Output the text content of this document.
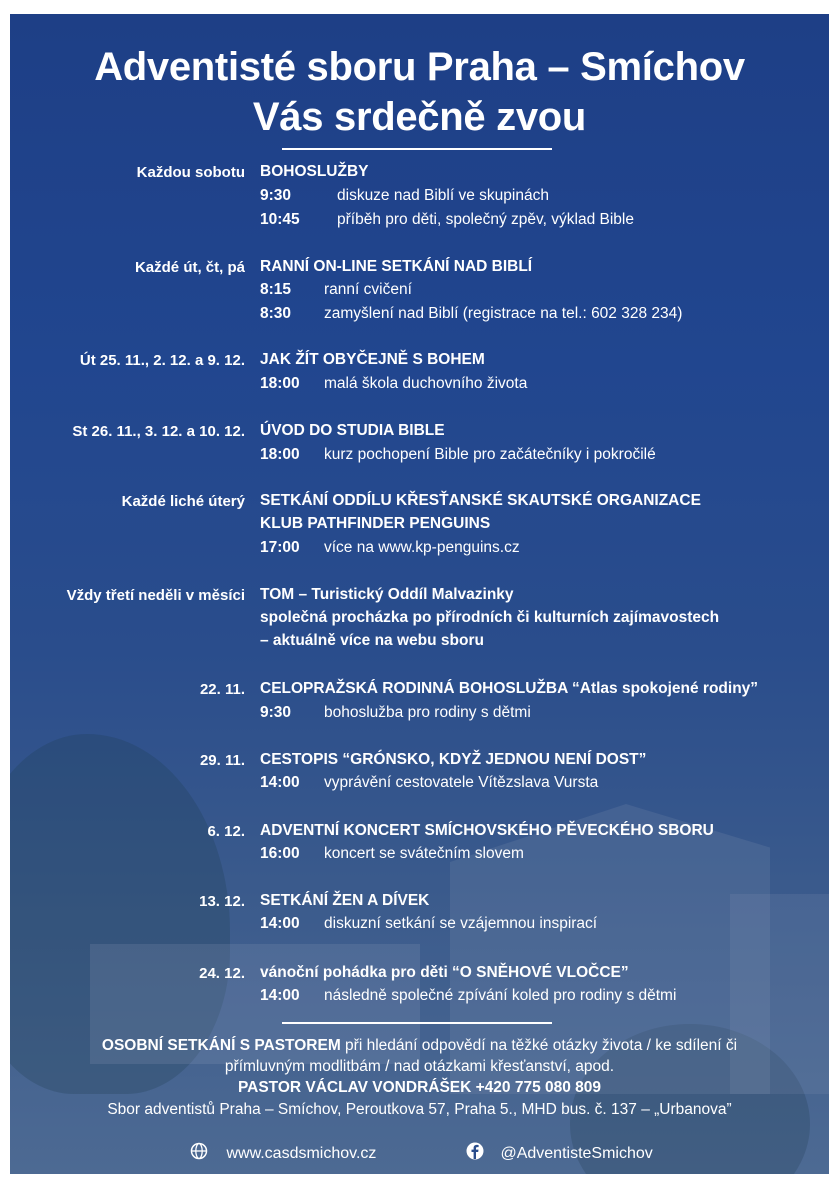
Adventisté sboru Praha – Smíchov
Vás srdečně zvou
Každou sobotu BOHOSLUŽBY
9:30	diskuze nad Biblí ve skupinách
10:45 příběh pro děti, společný zpěv, výklad Bible
Každé út, čt, pá RANNÍ ON-LINE SETKÁNÍ NAD BIBLÍ
8:15 ranní cvičení
8:30 zamyšlení nad Biblí (registrace na tel.: 602 328 234)
Út 25. 11., 2. 12. a 9. 12. JAK ŽÍT OBYČEJNĚ S BOHEM
18:00 malá škola duchovního života
St 26. 11., 3. 12. a 10. 12. ÚVOD DO STUDIA BIBLE
18:00 kurz pochopení Bible pro začátečníky i pokročilé
Každé liché úterý SETKÁNÍ ODDÍLU KŘESŤANSKÉ SKAUTSKÉ ORGANIZACE
KLUB PATHFINDER PENGUINS
17:00 více na www.kp-penguins.cz
Vždy třetí neděli v měsíci TOM – Turistický Oddíl Malvazinky
společná procházka po přírodních či kulturních zajímavostech
– aktuálně více na webu sboru
22. 11. CELOPRAŽSKÁ RODINNÁ BOHOSLUŽBA “Atlas spokojené rodiny”
9:30 bohoslužba pro rodiny s dětmi
29. 11. CESTOPIS “GRÓNSKO, KDYŽ JEDNOU NENÍ DOST”
14:00 vyprávění cestovatele Vítězslava Vursta
6. 12. ADVENTNÍ KONCERT SMÍCHOVSKÉHO PĚVECKÉHO SBORU
16:00 koncert se svátečním slovem
13. 12. SETKÁNÍ ŽEN A DÍVEK
14:00 diskuzní setkání se vzájemnou inspirací
24. 12. vánoční pohádka pro děti “O SNĚHOVÉ VLOČCE”
14:00 následně společné zpívání koled pro rodiny s dětmi
OSOBNÍ SETKÁNÍ S PASTOREM při hledání odpovědí na těžké otázky života / ke sdílení či
přímluvným modlitbám / nad otázkami křesťanství, apod.
PASTOR VÁCLAV VONDRÁŠEK +420 775 080 809
Sbor adventistů Praha – Smíchov, Peroutkova 57, Praha 5., MHD bus. č. 137 – „Urbanova”
www.casdsmichov.cz	@AdventisteSmichov
